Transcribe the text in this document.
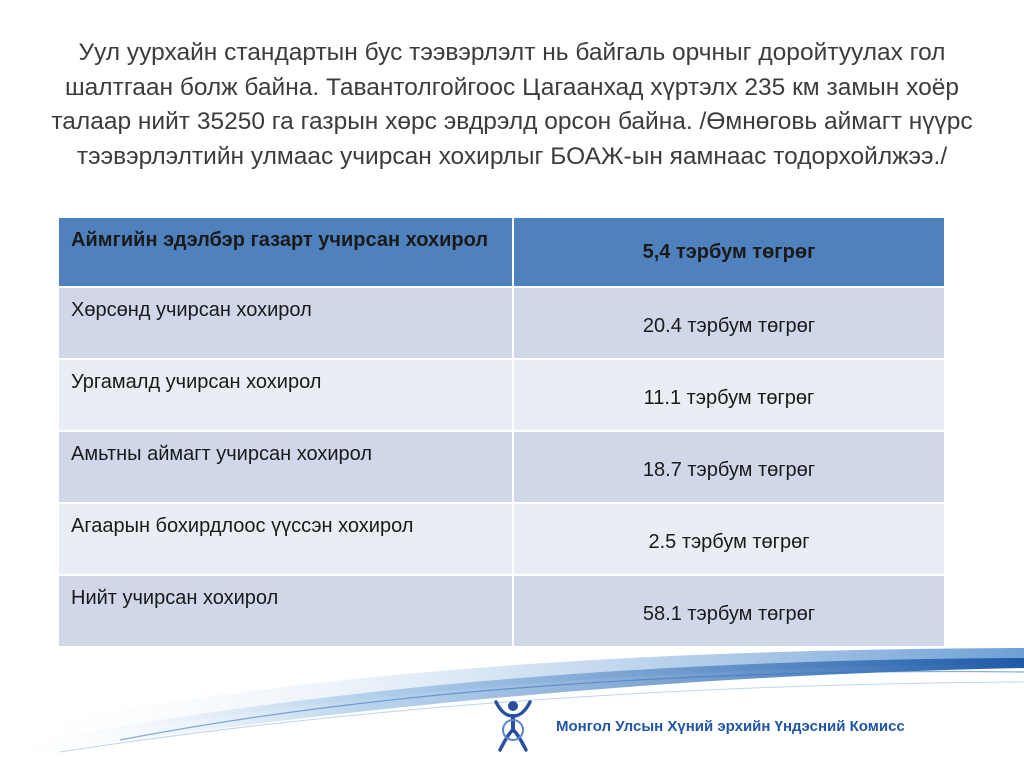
Уул уурхайн стандартын бус тээвэрлэлт нь байгаль орчныг доройтуулах гол шалтгаан болж байна. Тавантолгойгоос Цагаанхад хүртэлх 235 км замын хоёр талаар нийт 35250 га газрын хөрс эвдрэлд орсон байна. /Өмнөговь аймагт нүүрс тээвэрлэлтийн улмаас учирсан хохирлыг БОАЖ-ын яамнаас тодорхойлжээ./
Аймгийн эдэлбэр газарт учирсан хохирол	5,4 тэрбум төгрөг
Хөрсөнд учирсан хохирол	20.4 тэрбум төгрөг
Ургамалд учирсан хохирол	11.1 тэрбум төгрөг
Амьтны аймагт учирсан хохирол	18.7 тэрбум төгрөг
Агаарын бохирдлоос үүссэн хохирол	2.5 тэрбум төгрөг
Нийт учирсан хохирол	58.1 тэрбум төгрөг
Монгол Улсын Хүний эрхийн Үндэсний Комисс
